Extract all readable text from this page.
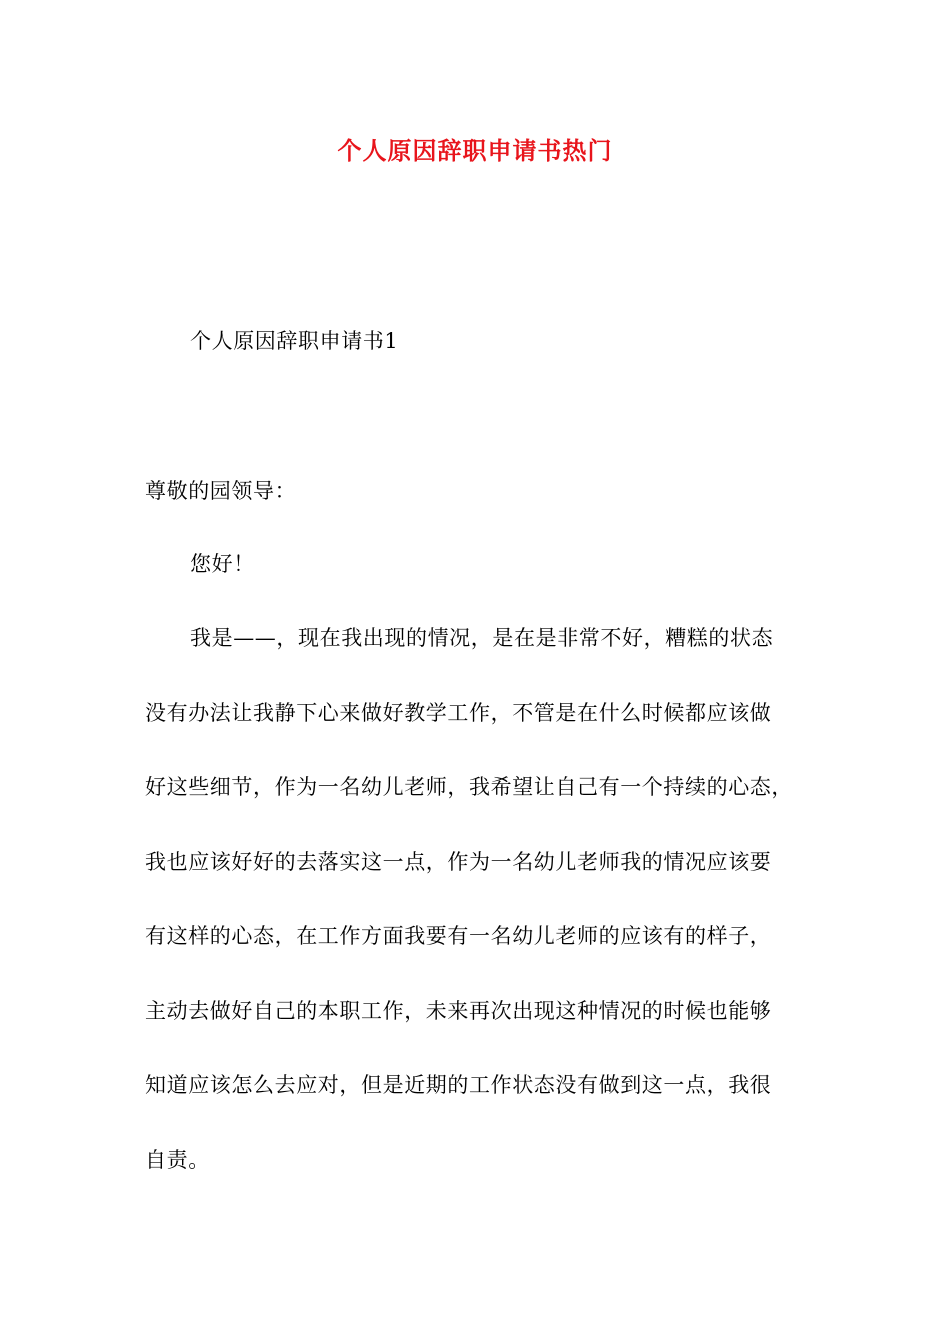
个人原因辞职申请书热门
个人原因辞职申请书1
尊敬的园领导：
您好！
我是——，现在我出现的情况，是在是非常不好，糟糕的状态
没有办法让我静下心来做好教学工作，不管是在什么时候都应该做
好这些细节，作为一名幼儿老师，我希望让自己有一个持续的心态，
我也应该好好的去落实这一点，作为一名幼儿老师我的情况应该要
有这样的心态，在工作方面我要有一名幼儿老师的应该有的样子，
主动去做好自己的本职工作，未来再次出现这种情况的时候也能够
知道应该怎么去应对，但是近期的工作状态没有做到这一点，我很
自责。
